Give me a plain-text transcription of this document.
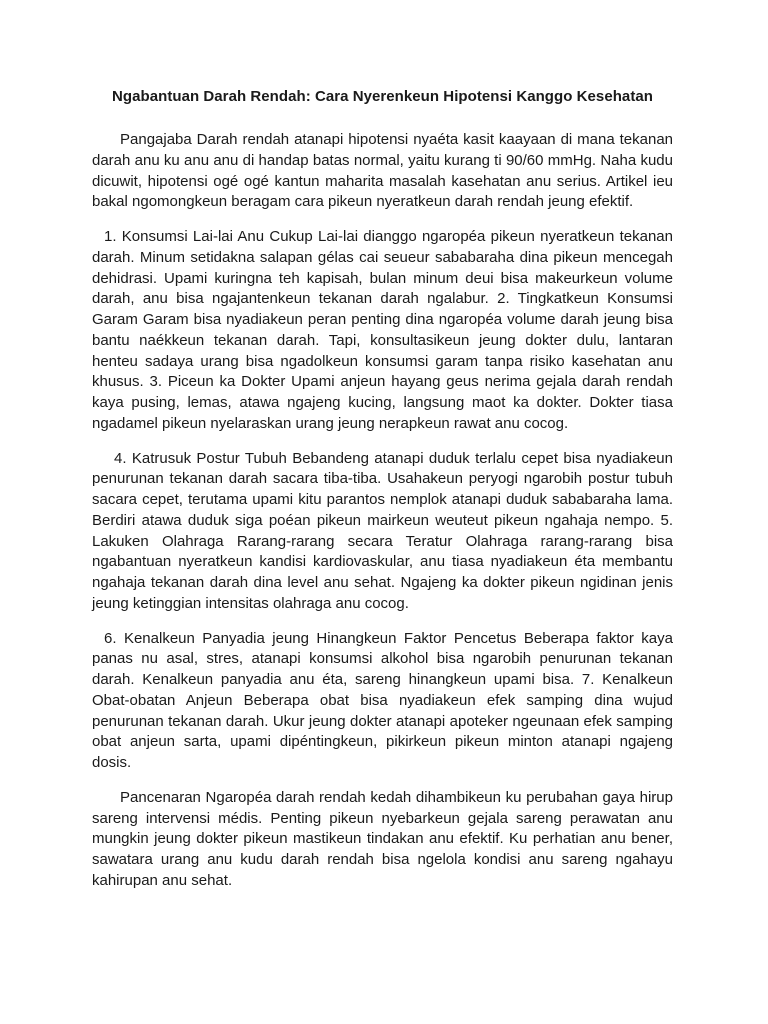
Ngabantuan Darah Rendah: Cara Nyerenkeun Hipotensi Kanggo Kesehatan

Pangajaba Darah rendah atanapi hipotensi nyaéta kasit kaayaan di mana tekanan darah anu ku anu anu di handap batas normal, yaitu kurang ti 90/60 mmHg. Naha kudu dicuwit, hipotensi ogé ogé kantun maharita masalah kasehatan anu serius. Artikel ieu bakal ngomongkeun beragam cara pikeun nyeratkeun darah rendah jeung efektif.

1. Konsumsi Lai-lai Anu Cukup Lai-lai dianggo ngaropéa pikeun nyeratkeun tekanan darah. Minum setidaknа salapan gélas cai seueur sababaraha dina pikeun mencegah dehidrasi. Upami kuringna teh kapisah, bulan minum deui bisa makeurkeun volume darah, anu bisa ngajantenkeun tekanan darah ngalabur. 2. Tingkatkeun Konsumsi Garam Garam bisa nyadiakeun peran penting dina ngaropéa volume darah jeung bisa bantu naékkeun tekanan darah. Tapi, konsultasikeun jeung dokter dulu, lantaran henteu sadaya urang bisa ngadolkeun konsumsi garam tanpa risiko kasehatan anu khusus. 3. Piceun ka Dokter Upami anjeun hayang geus nerima gejala darah rendah kaya pusing, lemas, atawa ngajeng kucing, langsung maot ka dokter. Dokter tiasa ngadamel pikeun nyelaraskan urang jeung nerapkeun rawat anu cocog.

4. Katrusuk Postur Tubuh Bebandeng atanapi duduk terlalu cepet bisa nyadiakeun penurunan tekanan darah sacara tiba-tiba. Usahakeun peryogi ngarobih postur tubuh sacara cepet, terutama upami kitu parantos nemplok atanapi duduk sababaraha lama. Berdiri atawa duduk siga poéan pikeun mairkeun weuteut pikeun ngahaja nempo. 5. Lakuken Olahraga Rarang-rarang secara Teratur Olahraga rarang-rarang bisa ngabantuan nyeratkeun kandisi kardiovaskular, anu tiasa nyadiakeun éta membantu ngahaja tekanan darah dina level anu sehat. Ngajeng ka dokter pikeun ngidinan jenis jeung ketinggian intensitas olahraga anu cocog.

6. Kenalkeun Panyadia jeung Hinangkeun Faktor Pencetus Beberapa faktor kaya panas nu asal, stres, atanapi konsumsi alkohol bisa ngarobih penurunan tekanan darah. Kenalkeun panyadia anu éta, sareng hinangkeun upami bisa. 7. Kenalkeun Obat-obatan Anjeun Beberapa obat bisa nyadiakeun efek samping dina wujud penurunan tekanan darah. Ukur jeung dokter atanapi apoteker ngeunaan efek samping obat anjeun sarta, upami dipéntingkeun, pikirkeun pikeun minton atanapi ngajeng dosis.

Pancenaran Ngaropéa darah rendah kedah dihambikeun ku perubahan gaya hirup sareng intervensi médis. Penting pikeun nyebarkeun gejala sareng perawatan anu mungkin jeung dokter pikeun mastikeun tindakan anu efektif. Ku perhatian anu bener, sawatara urang anu kudu darah rendah bisa ngelola kondisi anu sareng ngahayu kahirupan anu sehat.
